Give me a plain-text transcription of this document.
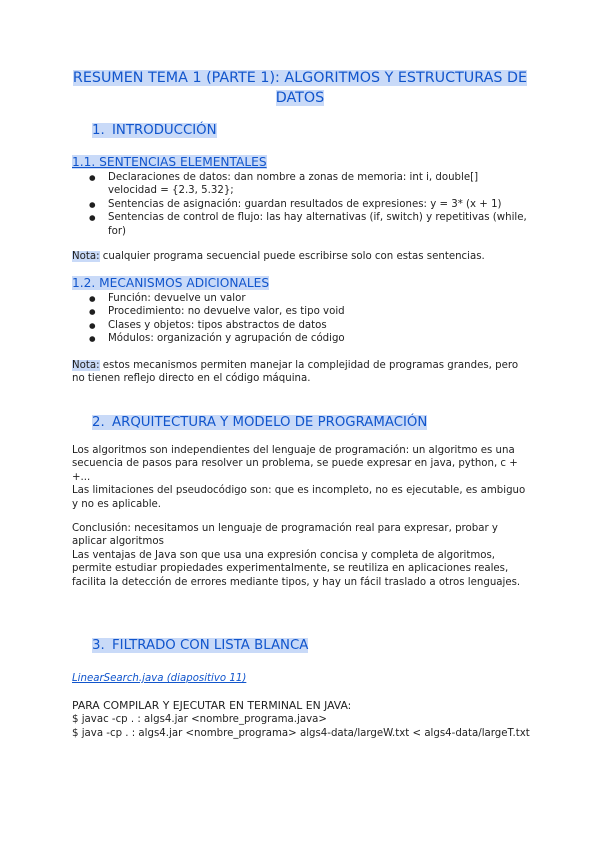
RESUMEN TEMA 1 (PARTE 1): ALGORITMOS Y ESTRUCTURAS DE DATOS
1. INTRODUCCIÓN
1.1. SENTENCIAS ELEMENTALES
● Declaraciones de datos: dan nombre a zonas de memoria: int i, double[] velocidad = {2.3, 5.32};
● Sentencias de asignación: guardan resultados de expresiones: y = 3* (x + 1)
● Sentencias de control de flujo: las hay alternativas (if, switch) y repetitivas (while, for)
Nota: cualquier programa secuencial puede escribirse solo con estas sentencias.
1.2. MECANISMOS ADICIONALES
● Función: devuelve un valor
● Procedimiento: no devuelve valor, es tipo void
● Clases y objetos: tipos abstractos de datos
● Módulos: organización y agrupación de código
Nota: estos mecanismos permiten manejar la complejidad de programas grandes, pero no tienen reflejo directo en el código máquina.
2. ARQUITECTURA Y MODELO DE PROGRAMACIÓN
Los algoritmos son independientes del lenguaje de programación: un algoritmo es una secuencia de pasos para resolver un problema, se puede expresar en java, python, c + +...
Las limitaciones del pseudocódigo son: que es incompleto, no es ejecutable, es ambiguo y no es aplicable.
Conclusión: necesitamos un lenguaje de programación real para expresar, probar y aplicar algoritmos
Las ventajas de Java son que usa una expresión concisa y completa de algoritmos, permite estudiar propiedades experimentalmente, se reutiliza en aplicaciones reales, facilita la detección de errores mediante tipos, y hay un fácil traslado a otros lenguajes.
3. FILTRADO CON LISTA BLANCA
LinearSearch.java (diapositivo 11)
PARA COMPILAR Y EJECUTAR EN TERMINAL EN JAVA:
$ javac -cp . : algs4.jar <nombre_programa.java>
$ java -cp . : algs4.jar <nombre_programa> algs4-data/largeW.txt < algs4-data/largeT.txt
